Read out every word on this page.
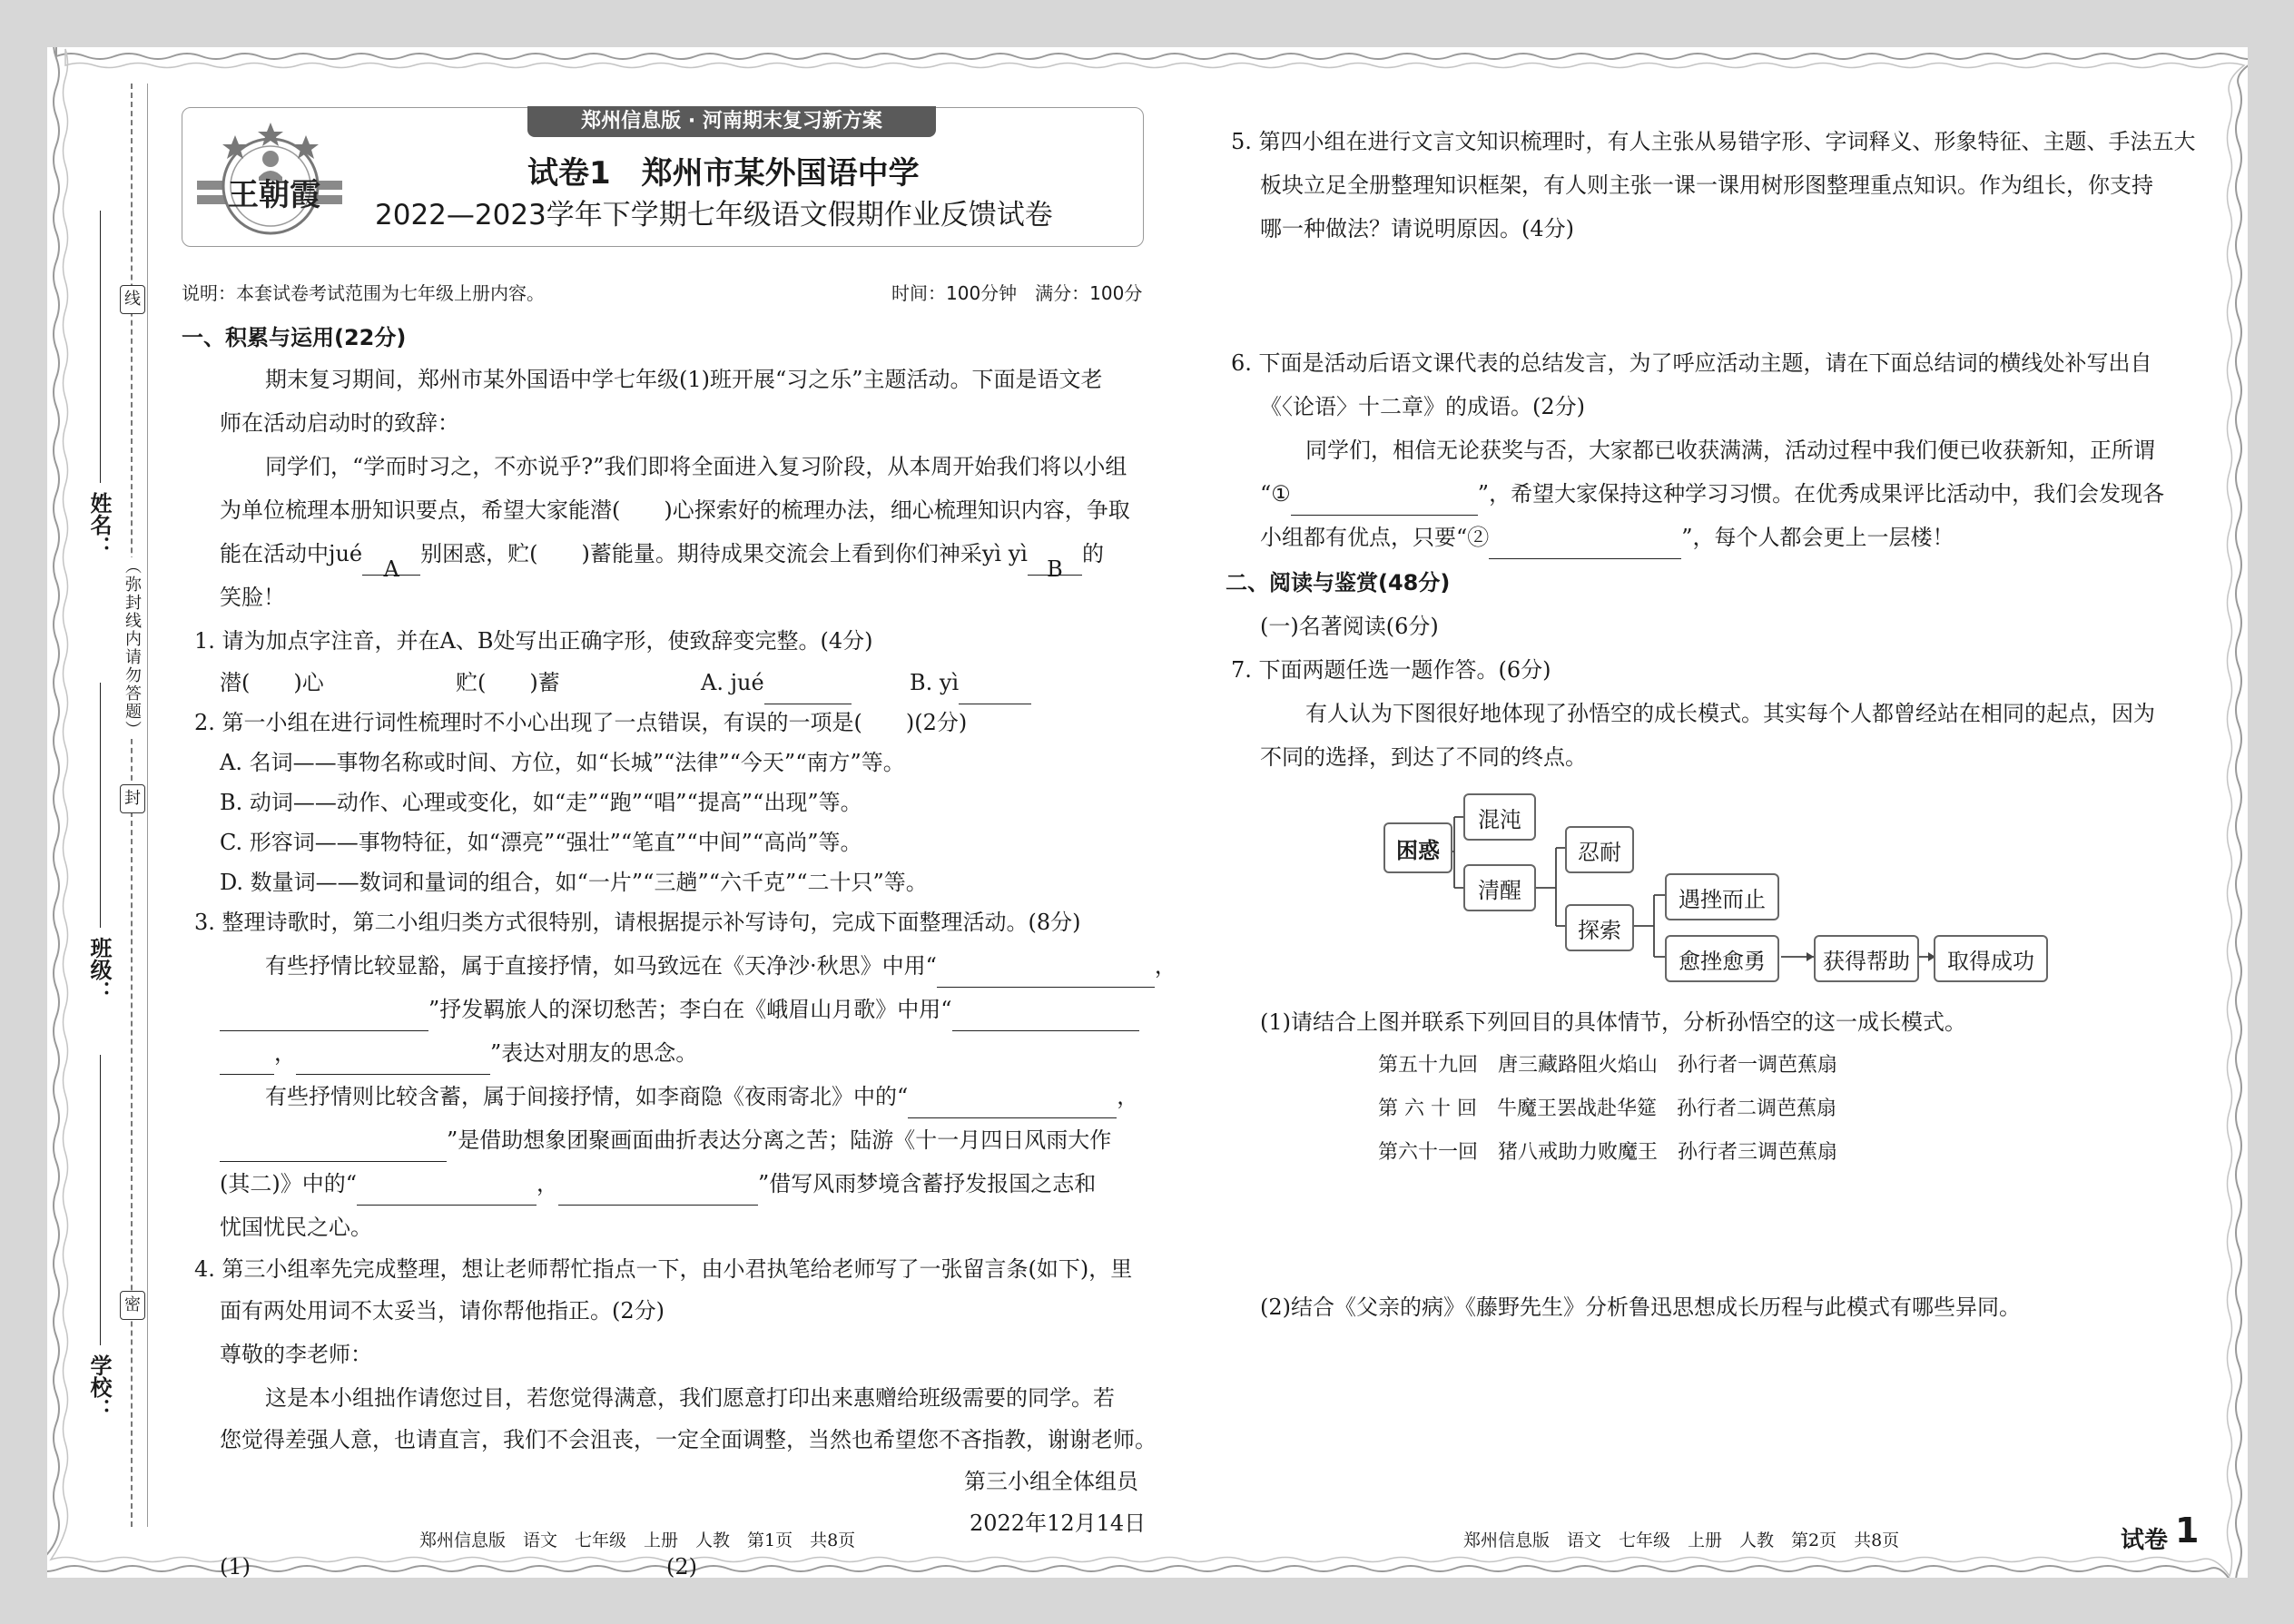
线
封
密
（弥封线内请勿答题）
姓名：
班级：
学校：
郑州信息版 · 河南期末复习新方案
王朝霞
试卷1　郑州市某外国语中学
2022—2023学年下学期七年级语文假期作业反馈试卷
说明：本套试卷考试范围为七年级上册内容。	时间：100分钟　满分：100分
一、积累与运用(22分)
期末复习期间，郑州市某外国语中学七年级(1)班开展“习之乐”主题活动。下面是语文老
师在活动启动时的致辞：
同学们，“学而时习之，不亦说乎?”我们即将全面进入复习阶段，从本周开始我们将以小组
为单位梳理本册知识要点，希望大家能潜(　　)心探索好的梳理办法，细心梳理知识内容，争取
能在活动中juéA别困惑，贮(　　)蓄能量。期待成果交流会上看到你们神采yì yìB的
笑脸！
1. 请为加点字注音，并在A、B处写出正确字形，使致辞变完整。(4分)
潜(　　)心	贮(　　)蓄	A. jué	B. yì
2. 第一小组在进行词性梳理时不小心出现了一点错误，有误的一项是(　　)(2分)
A. 名词——事物名称或时间、方位，如“长城”“法律”“今天”“南方”等。
B. 动词——动作、心理或变化，如“走”“跑”“唱”“提高”“出现”等。
C. 形容词——事物特征，如“漂亮”“强壮”“笔直”“中间”“高尚”等。
D. 数量词——数词和量词的组合，如“一片”“三趟”“六千克”“二十只”等。
3. 整理诗歌时，第二小组归类方式很特别，请根据提示补写诗句，完成下面整理活动。(8分)
有些抒情比较显豁，属于直接抒情，如马致远在《天净沙·秋思》中用“	，
”抒发羁旅人的深切愁苦；李白在《峨眉山月歌》中用“
，	”表达对朋友的思念。
有些抒情则比较含蓄，属于间接抒情，如李商隐《夜雨寄北》中的“	，
”是借助想象团聚画面曲折表达分离之苦；陆游《十一月四日风雨大作
(其二)》中的“	，	”借写风雨梦境含蓄抒发报国之志和
忧国忧民之心。
4. 第三小组率先完成整理，想让老师帮忙指点一下，由小君执笔给老师写了一张留言条(如下)，里
面有两处用词不太妥当，请你帮他指正。(2分)
尊敬的李老师：
这是本小组拙作请您过目，若您觉得满意，我们愿意打印出来惠赠给班级需要的同学。若
您觉得差强人意，也请直言，我们不会沮丧，一定全面调整，当然也希望您不吝指教，谢谢老师。
第三小组全体组员
2022年12月14日
(1)	(2)
5. 第四小组在进行文言文知识梳理时，有人主张从易错字形、字词释义、形象特征、主题、手法五大
板块立足全册整理知识框架，有人则主张一课一课用树形图整理重点知识。作为组长，你支持
哪一种做法？请说明原因。(4分)
6. 下面是活动后语文课代表的总结发言，为了呼应活动主题，请在下面总结词的横线处补写出自
《〈论语〉十二章》的成语。(2分)
同学们，相信无论获奖与否，大家都已收获满满，活动过程中我们便已收获新知，正所谓
“①	”，希望大家保持这种学习习惯。在优秀成果评比活动中，我们会发现各
小组都有优点，只要“②	”，每个人都会更上一层楼！
二、阅读与鉴赏(48分)
(一)名著阅读(6分)
7. 下面两题任选一题作答。(6分)
有人认为下图很好地体现了孙悟空的成长模式。其实每个人都曾经站在相同的起点，因为
不同的选择，到达了不同的终点。
困惑
混沌
清醒
忍耐
探索
遇挫而止
愈挫愈勇	获得帮助	取得成功
(1)请结合上图并联系下列回目的具体情节，分析孙悟空的这一成长模式。
第五十九回　唐三藏路阻火焰山　孙行者一调芭蕉扇
第 六 十 回　牛魔王罢战赴华筵　孙行者二调芭蕉扇
第六十一回　猪八戒助力败魔王　孙行者三调芭蕉扇
(2)结合《父亲的病》《藤野先生》分析鲁迅思想成长历程与此模式有哪些异同。
郑州信息版　语文　七年级　上册　人教　第1页　共8页	郑州信息版　语文　七年级　上册　人教　第2页　共8页	试卷 1
